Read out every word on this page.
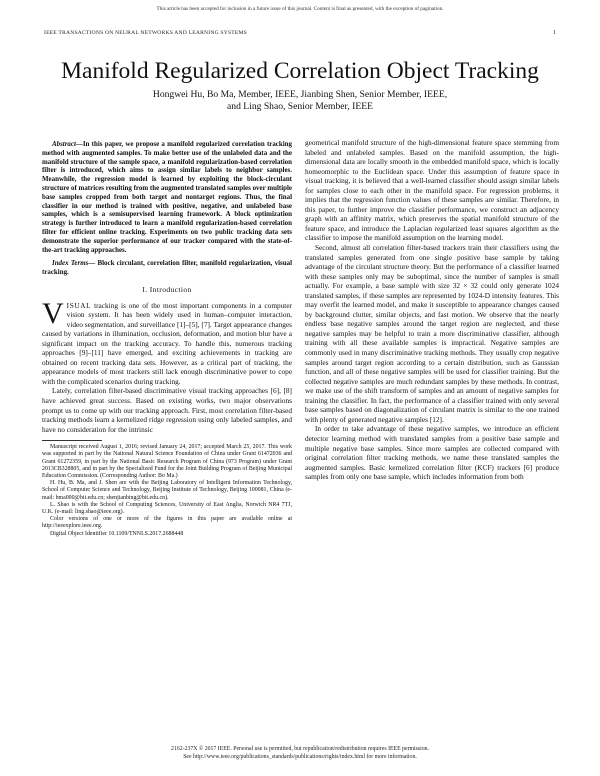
This article has been accepted for inclusion in a future issue of this journal. Content is final as presented, with the exception of pagination.
IEEE TRANSACTIONS ON NEURAL NETWORKS AND LEARNING SYSTEMS	1
Manifold Regularized Correlation Object Tracking
Hongwei Hu, Bo Ma, Member, IEEE, Jianbing Shen, Senior Member, IEEE,
and Ling Shao, Senior Member, IEEE

Abstract—In this paper, we propose a manifold regularized correlation tracking method with augmented samples. To make better use of the unlabeled data and the manifold structure of the sample space, a manifold regularization-based correlation filter is introduced, which aims to assign similar labels to neighbor samples. Meanwhile, the regression model is learned by exploiting the block-circulant structure of matrices resulting from the augmented translated samples over multiple base samples cropped from both target and nontarget regions. Thus, the final classifier in our method is trained with positive, negative, and unlabeled base samples, which is a semisupervised learning framework. A block optimization strategy is further introduced to learn a manifold regularization-based correlation filter for efficient online tracking. Experiments on two public tracking data sets demonstrate the superior performance of our tracker compared with the state-of-the-art tracking approaches.

Index Terms— Block circulant, correlation filter, manifold regularization, visual tracking.

I. Introduction

VISUAL tracking is one of the most important components in a computer vision system. It has been widely used in human–computer interaction, video segmentation, and surveillance [1]–[5], [7]. Target appearance changes caused by variations in illumination, occlusion, deformation, and motion blur have a significant impact on the tracking accuracy. To handle this, numerous tracking approaches [9]–[11] have emerged, and exciting achievements in tracking are obtained on recent tracking data sets. However, as a critical part of tracking, the appearance models of most trackers still lack enough discriminative power to cope with the complicated scenarios during tracking.

Lately, correlation filter-based discriminative visual tracking approaches [6], [8] have achieved great success. Based on existing works, two major observations prompt us to come up with our tracking approach. First, most correlation filter-based tracking methods learn a kernelized ridge regression using only labeled samples, and have no consideration for the intrinsic

Manuscript received August 1, 2016; revised January 24, 2017; accepted March 25, 2017. This work was supported in part by the National Natural Science Foundation of China under Grant 61472036 and Grant 61272359, in part by the National Basic Research Program of China (973 Program) under Grant 2013CB328805, and in part by the Specialized Fund for the Joint Building Program of Beijing Municipal Education Commission. (Corresponding Author: Bo Ma.)

H. Hu, B. Ma, and J. Shen are with the Beijing Laboratory of Intelligent Information Technology, School of Computer Science and Technology, Beijing Institute of Technology, Beijing 100081, China (e-mail: bma000@bit.edu.cn; shenjianbing@bit.edu.cn).

L. Shao is with the School of Computing Sciences, University of East Anglia, Norwich NR4 7TJ, U.K. (e-mail: ling.shao@ieee.org).

Color versions of one or more of the figures in this paper are available online at http://ieeexplore.ieee.org.

Digital Object Identifier 10.1109/TNNLS.2017.2688448

geometrical manifold structure of the high-dimensional feature space stemming from labeled and unlabeled samples. Based on the manifold assumption, the high-dimensional data are locally smooth in the embedded manifold space, which is locally homeomorphic to the Euclidean space. Under this assumption of feature space in visual tracking, it is believed that a well-learned classifier should assign similar labels for samples close to each other in the manifold space. For regression problems, it implies that the regression function values of these samples are similar. Therefore, in this paper, to further improve the classifier performance, we construct an adjacency graph with an affinity matrix, which preserves the spatial manifold structure of the feature space, and introduce the Laplacian regularized least squares algorithm as the classifier to impose the manifold assumption on the learning model.

Second, almost all correlation filter-based trackers train their classifiers using the translated samples generated from one single positive base sample by taking advantage of the circulant structure theory. But the performance of a classifier learned with these samples only may be suboptimal, since the number of samples is small actually. For example, a base sample with size 32 × 32 could only generate 1024 translated samples, if these samples are represented by 1024-D intensity features. This may overfit the learned model, and make it susceptible to appearance changes caused by background clutter, similar objects, and fast motion. We observe that the nearly endless base negative samples around the target region are neglected, and these negative samples may be helpful to train a more discriminative classifier, although training with all these available samples is impractical. Negative samples are commonly used in many discriminative tracking methods. They usually crop negative samples around target region according to a certain distribution, such as Gaussian function, and all of these negative samples will be used for classifier training. But the collected negative samples are much redundant samples by these methods. In contrast, we make use of the shift transform of samples and an amount of negative samples for training the classifier. In fact, the performance of a classifier trained with only several base samples based on diagonalization of circulant matrix is similar to the one trained with plenty of generated negative samples [12].

In order to take advantage of these negative samples, we introduce an efficient detector learning method with translated samples from a positive base sample and multiple negative base samples. Since more samples are collected compared with original correlation filter tracking methods, we name these translated samples the augmented samples. Basic kernelized correlation filter (KCF) trackers [6] produce samples from only one base sample, which includes information from both

2162-237X © 2017 IEEE. Personal use is permitted, but republication/redistribution requires IEEE permission.
See http://www.ieee.org/publications_standards/publications/rights/index.html for more information.
